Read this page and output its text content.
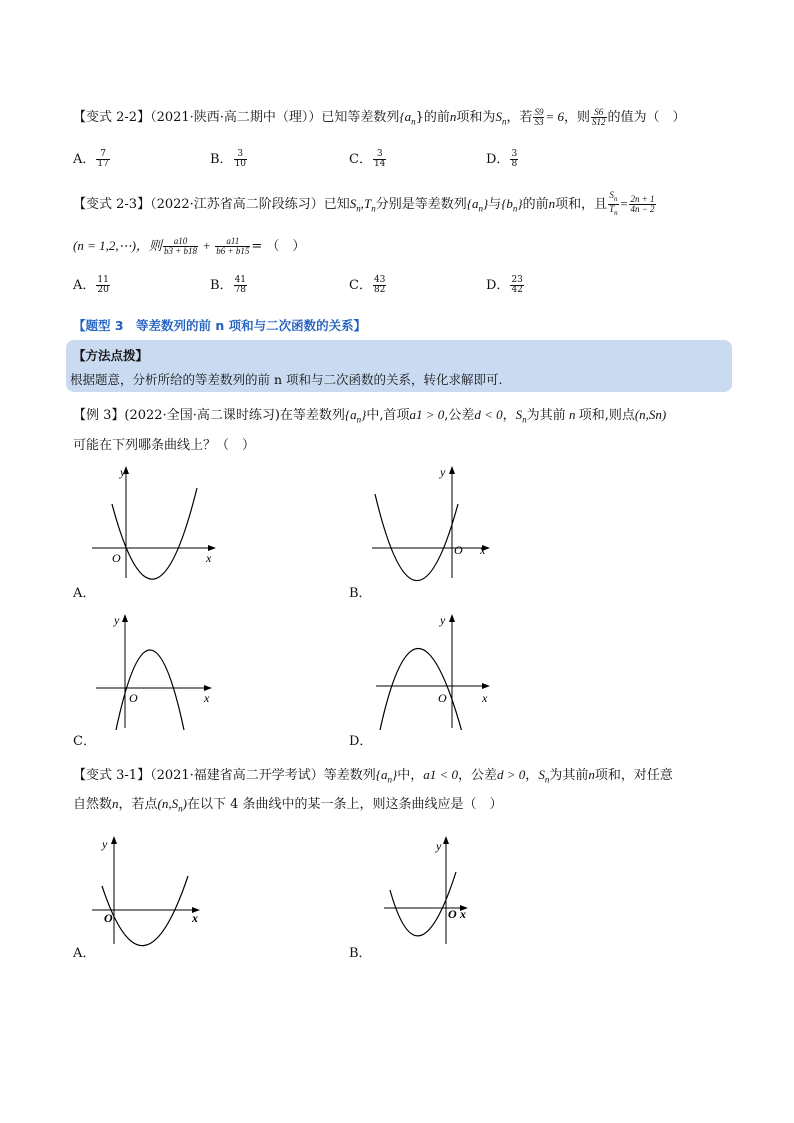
【变式 2-2】（2021·陕西·高二期中（理））已知等差数列$\{a_n\}$的前n项和为$S_n$，若 $\frac{S9}{S3} = 6$，则 $\frac{S6}{S12}$ 的值为（　）
A． $\frac{7}{17}$	B． $\frac{3}{10}$	C． $\frac{3}{14}$	D． $\frac{3}{8}$
【变式 2-3】（2022·江苏省高二阶段练习）已知$S_n,T_n$分别是等差数列$\{a_n\}$与$\{b_n\}$的前n项和，且 $\frac{S_n}{T_n} = \frac{2n + 1}{4n - 2}$
(n = 1,2,⋯)，则 $\frac{a10}{b3 + b18} + \frac{a11}{b6 + b15}$ = （　）
A． $\frac{11}{20}$	B． $\frac{41}{78}$	C． $\frac{43}{82}$	D． $\frac{23}{42}$
【题型 3　等差数列的前 n 项和与二次函数的关系】
【方法点拨】
根据题意，分析所给的等差数列的前 n 项和与二次函数的关系，转化求解即可.
【例 3】(2022·全国·高二课时练习)在等差数列$\{a_n\}$中,首项a1 > 0,公差d < 0，$S_n$为其前 n 项和,则点(n,Sn)
可能在下列哪条曲线上？（　）
y
x
O
A．
y
x
O
B．
y
x
O
C．
y
x
O
D．
【变式 3-1】（2021·福建省高二开学考试）等差数列$\{a_n\}$中，a1 < 0，公差d > 0，$S_n$为其前n项和，对任意
自然数n，若点$(n,S_n)$在以下 4 条曲线中的某一条上，则这条曲线应是（　）
y
x
O
A．
y
x
O
B．
